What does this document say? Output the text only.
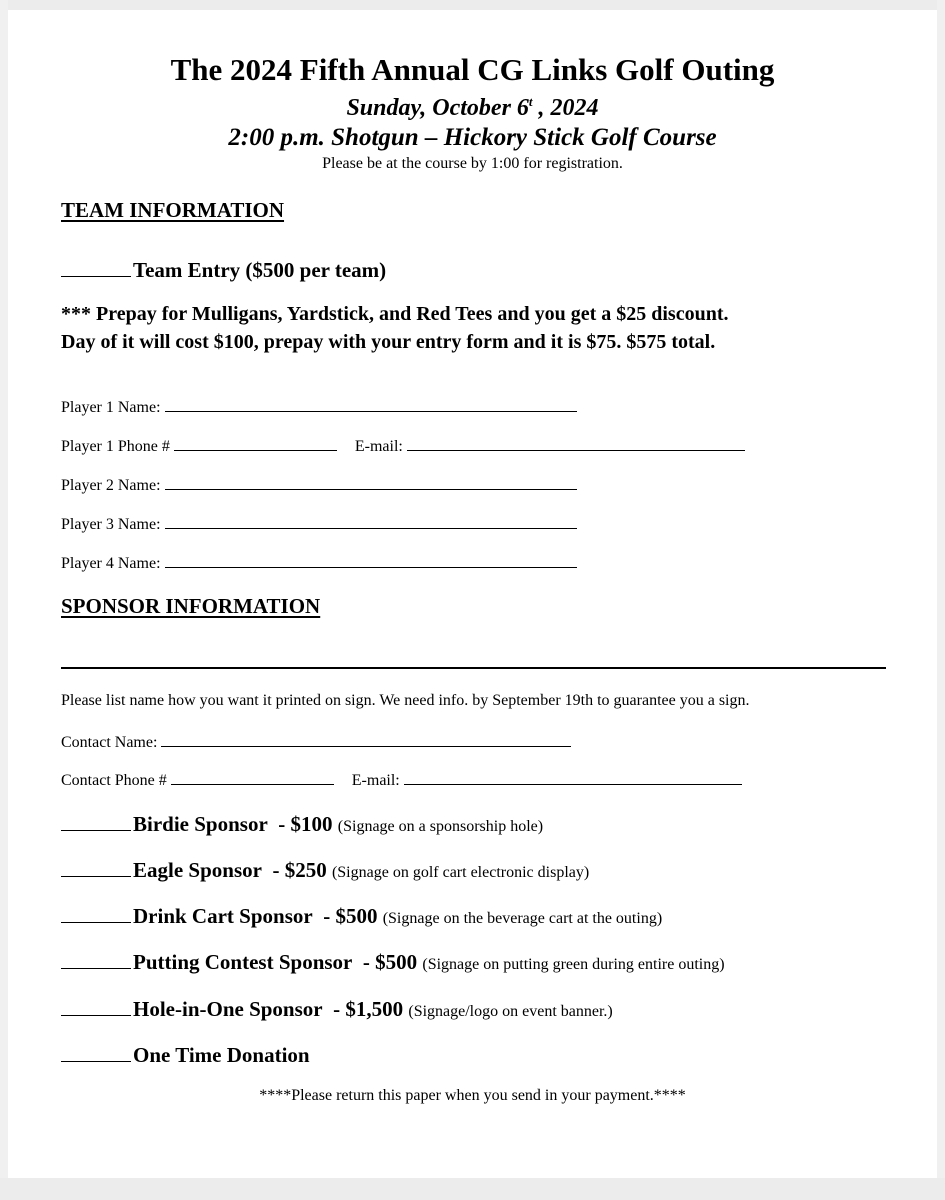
The 2024 Fifth Annual CG Links Golf Outing
Sunday, October 6$^t$ , 2024
2:00 p.m. Shotgun – Hickory Stick Golf Course
Please be at the course by 1:00 for registration.
TEAM INFORMATION
Team Entry ($500 per team)
*** Prepay for Mulligans, Yardstick, and Red Tees and you get a $25 discount.
Day of it will cost $100, prepay with your entry form and it is $75. $575 total.
Player 1 Name:
Player 1 Phone #	E-mail:
Player 2 Name:
Player 3 Name:
Player 4 Name:
SPONSOR INFORMATION
Please list name how you want it printed on sign. We need info. by September 19th to guarantee you a sign.
Contact Name:
Contact Phone #	E-mail:
Birdie Sponsor - $100 (Signage on a sponsorship hole)
Eagle Sponsor - $250 (Signage on golf cart electronic display)
Drink Cart Sponsor - $500 (Signage on the beverage cart at the outing)
Putting Contest Sponsor - $500 (Signage on putting green during entire outing)
Hole-in-One Sponsor - $1,500 (Signage/logo on event banner.)
One Time Donation
****Please return this paper when you send in your payment.****
